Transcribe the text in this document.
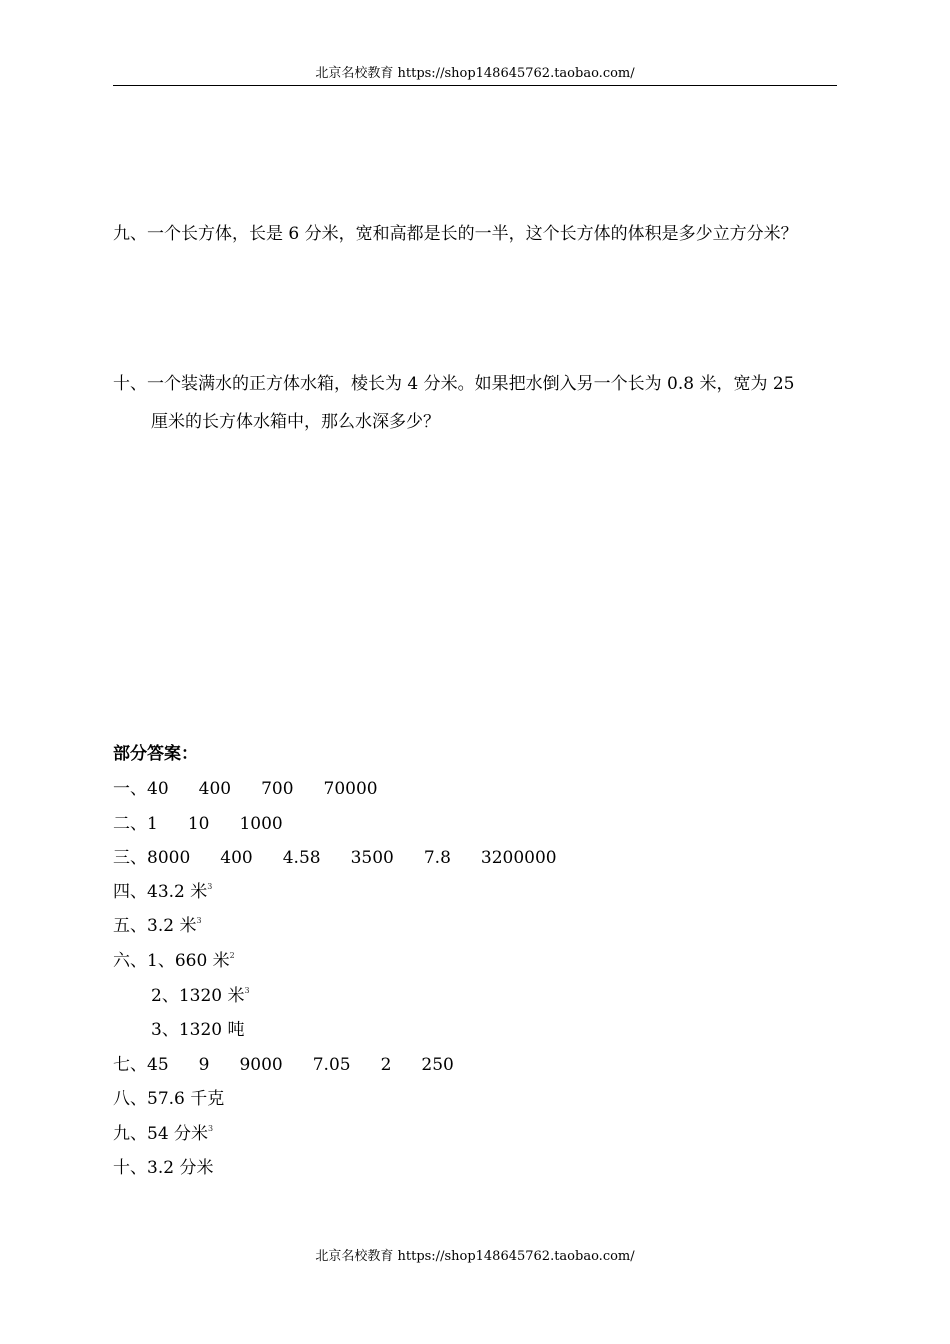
北京名校教育 https://shop148645762.taobao.com/
九、一个长方体，长是 6 分米，宽和高都是长的一半，这个长方体的体积是多少立方分米？
十、一个装满水的正方体水箱，棱长为 4 分米。如果把水倒入另一个长为 0.8 米，宽为 25
厘米的长方体水箱中，那么水深多少？
部分答案：
一、40 400 700 70000
二、1 10 1000
三、8000 400 4.58 3500 7.8 3200000
四、43.2 米$^3$
五、3.2 米$^3$
六、1、660 米$^2$
2、1320 米$^3$
3、1320 吨
七、45 9 9000 7.05 2 250
八、57.6 千克
九、54 分米$^3$
十、3.2 分米
北京名校教育 https://shop148645762.taobao.com/
